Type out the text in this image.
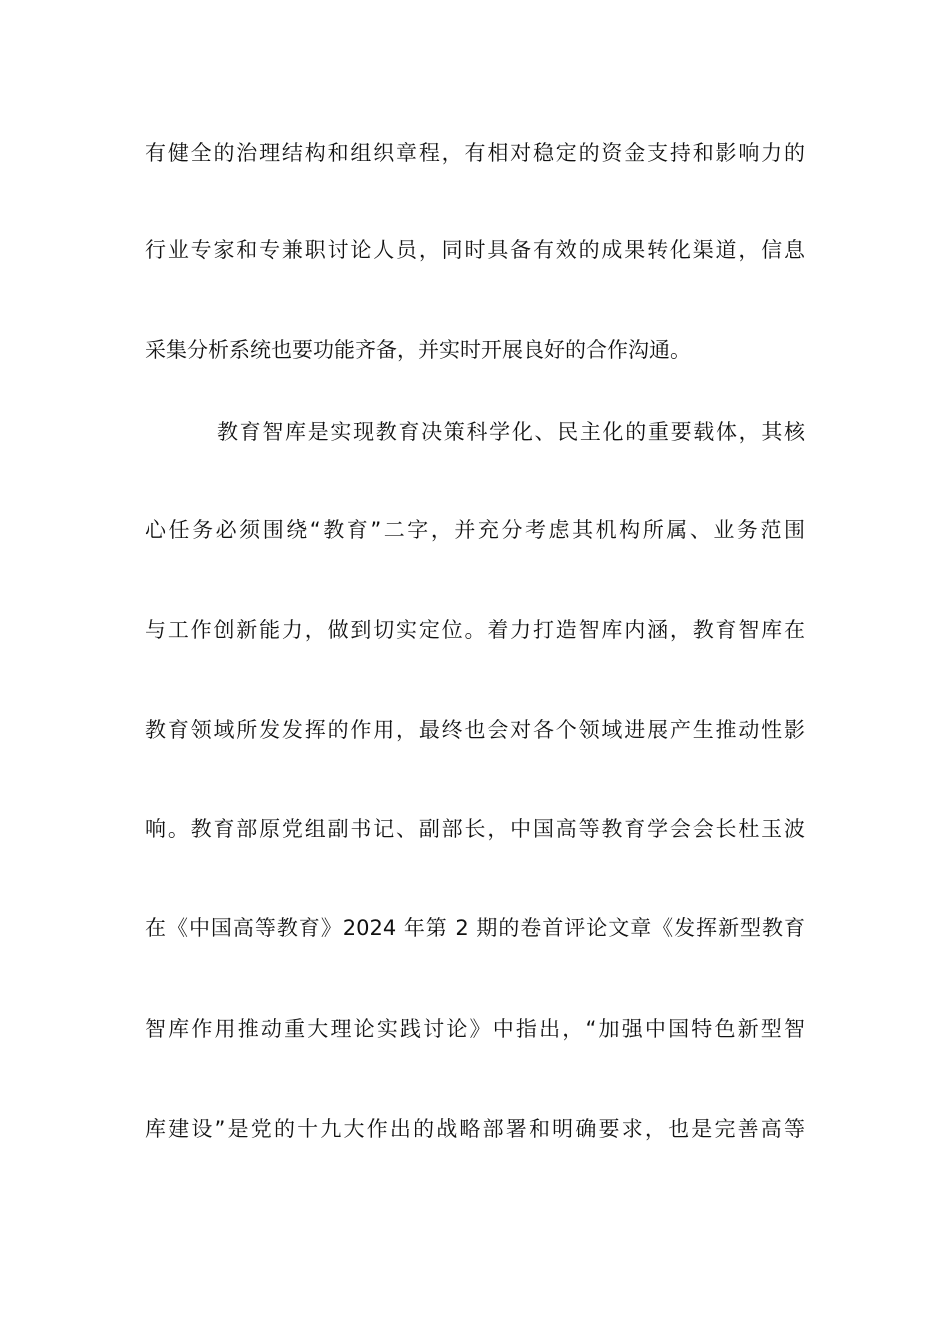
有健全的治理结构和组织章程，有相对稳定的资金支持和影响力的
行业专家和专兼职讨论人员，同时具备有效的成果转化渠道，信息
采集分析系统也要功能齐备，并实时开展良好的合作沟通。
教育智库是实现教育决策科学化、民主化的重要载体，其核
心任务必须围绕“教育”二字，并充分考虑其机构所属、业务范围
与工作创新能力，做到切实定位。着力打造智库内涵，教育智库在
教育领域所发发挥的作用，最终也会对各个领域进展产生推动性影
响。教育部原党组副书记、副部长，中国高等教育学会会长杜玉波
在《中国高等教育》2024 年第 2 期的卷首评论文章《发挥新型教育
智库作用推动重大理论实践讨论》中指出，“加强中国特色新型智
库建设”是党的十九大作出的战略部署和明确要求，也是完善高等
